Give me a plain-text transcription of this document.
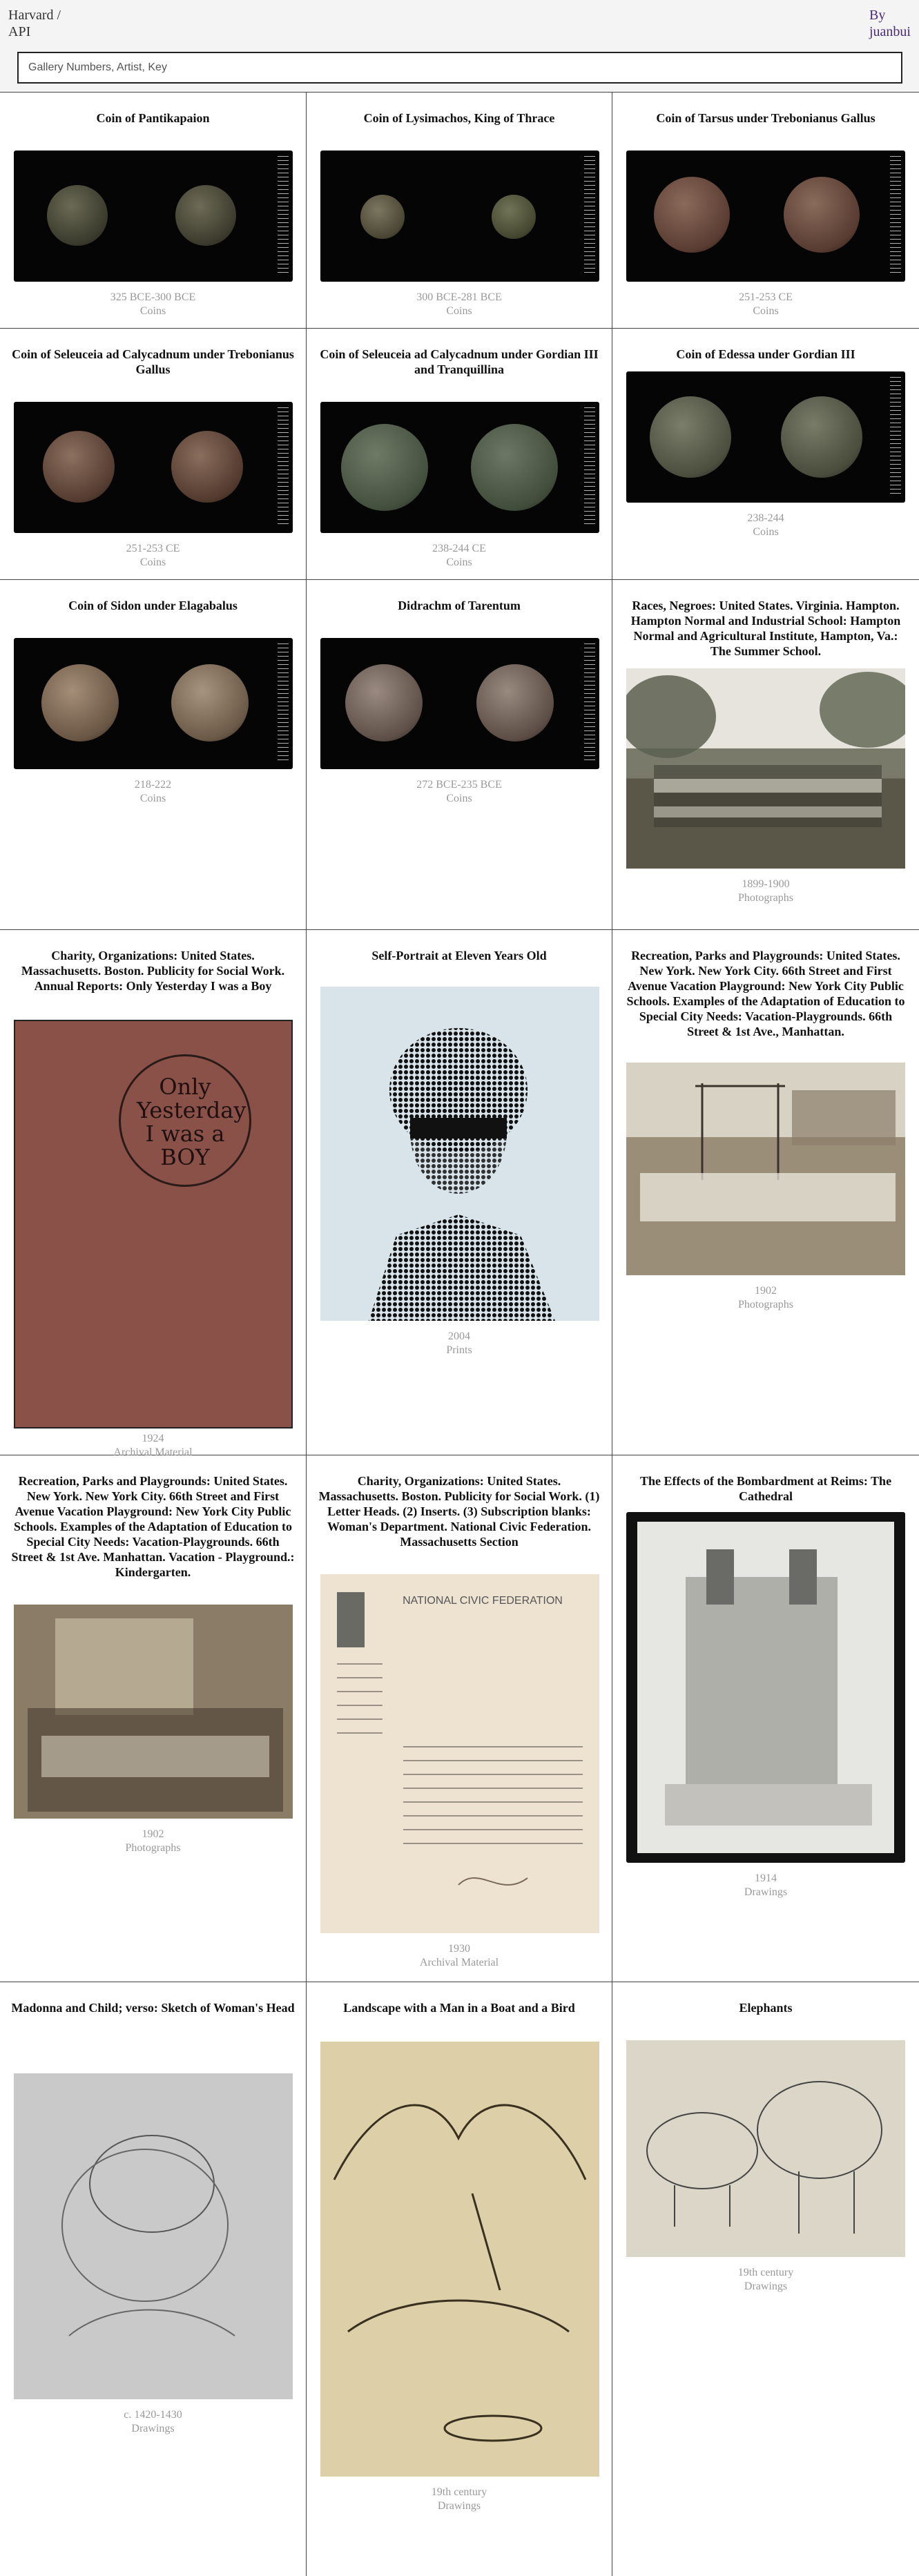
Harvard /
API
By
juanbui
Gallery Numbers, Artist, Key
Coin of Pantikapaion
325 BCE-300 BCE
Coins
Coin of Lysimachos, King of Thrace
300 BCE-281 BCE
Coins
Coin of Tarsus under Trebonianus Gallus
251-253 CE
Coins
Coin of Seleuceia ad Calycadnum under Trebonianus Gallus
251-253 CE
Coins
Coin of Seleuceia ad Calycadnum under Gordian III and Tranquillina
238-244 CE
Coins
Coin of Edessa under Gordian III
238-244
Coins
Coin of Sidon under Elagabalus
218-222
Coins
Didrachm of Tarentum
272 BCE-235 BCE
Coins
Races, Negroes: United States. Virginia. Hampton. Hampton Normal and Industrial School: Hampton Normal and Agricultural Institute, Hampton, Va.: The Summer School.
1899-1900
Photographs
Charity, Organizations: United States. Massachusetts. Boston. Publicity for Social Work. Annual Reports: Only Yesterday I was a Boy
Only Yesterday I was a BOY
1924
Archival Material
Self-Portrait at Eleven Years Old
2004
Prints
Recreation, Parks and Playgrounds: United States. New York. New York City. 66th Street and First Avenue Vacation Playground: New York City Public Schools. Examples of the Adaptation of Education to Special City Needs: Vacation-Playgrounds. 66th Street & 1st Ave., Manhattan.
1902
Photographs
Recreation, Parks and Playgrounds: United States. New York. New York City. 66th Street and First Avenue Vacation Playground: New York City Public Schools. Examples of the Adaptation of Education to Special City Needs: Vacation-Playgrounds. 66th Street & 1st Ave. Manhattan. Vacation - Playground.: Kindergarten.
1902
Photographs
Charity, Organizations: United States. Massachusetts. Boston. Publicity for Social Work. (1) Letter Heads. (2) Inserts. (3) Subscription blanks: Woman's Department. National Civic Federation. Massachusetts Section
NATIONAL CIVIC FEDERATION
1930
Archival Material
The Effects of the Bombardment at Reims: The Cathedral
1914
Drawings
Madonna and Child; verso: Sketch of Woman's Head
c. 1420-1430
Drawings
Landscape with a Man in a Boat and a Bird
19th century
Drawings
Elephants
19th century
Drawings
